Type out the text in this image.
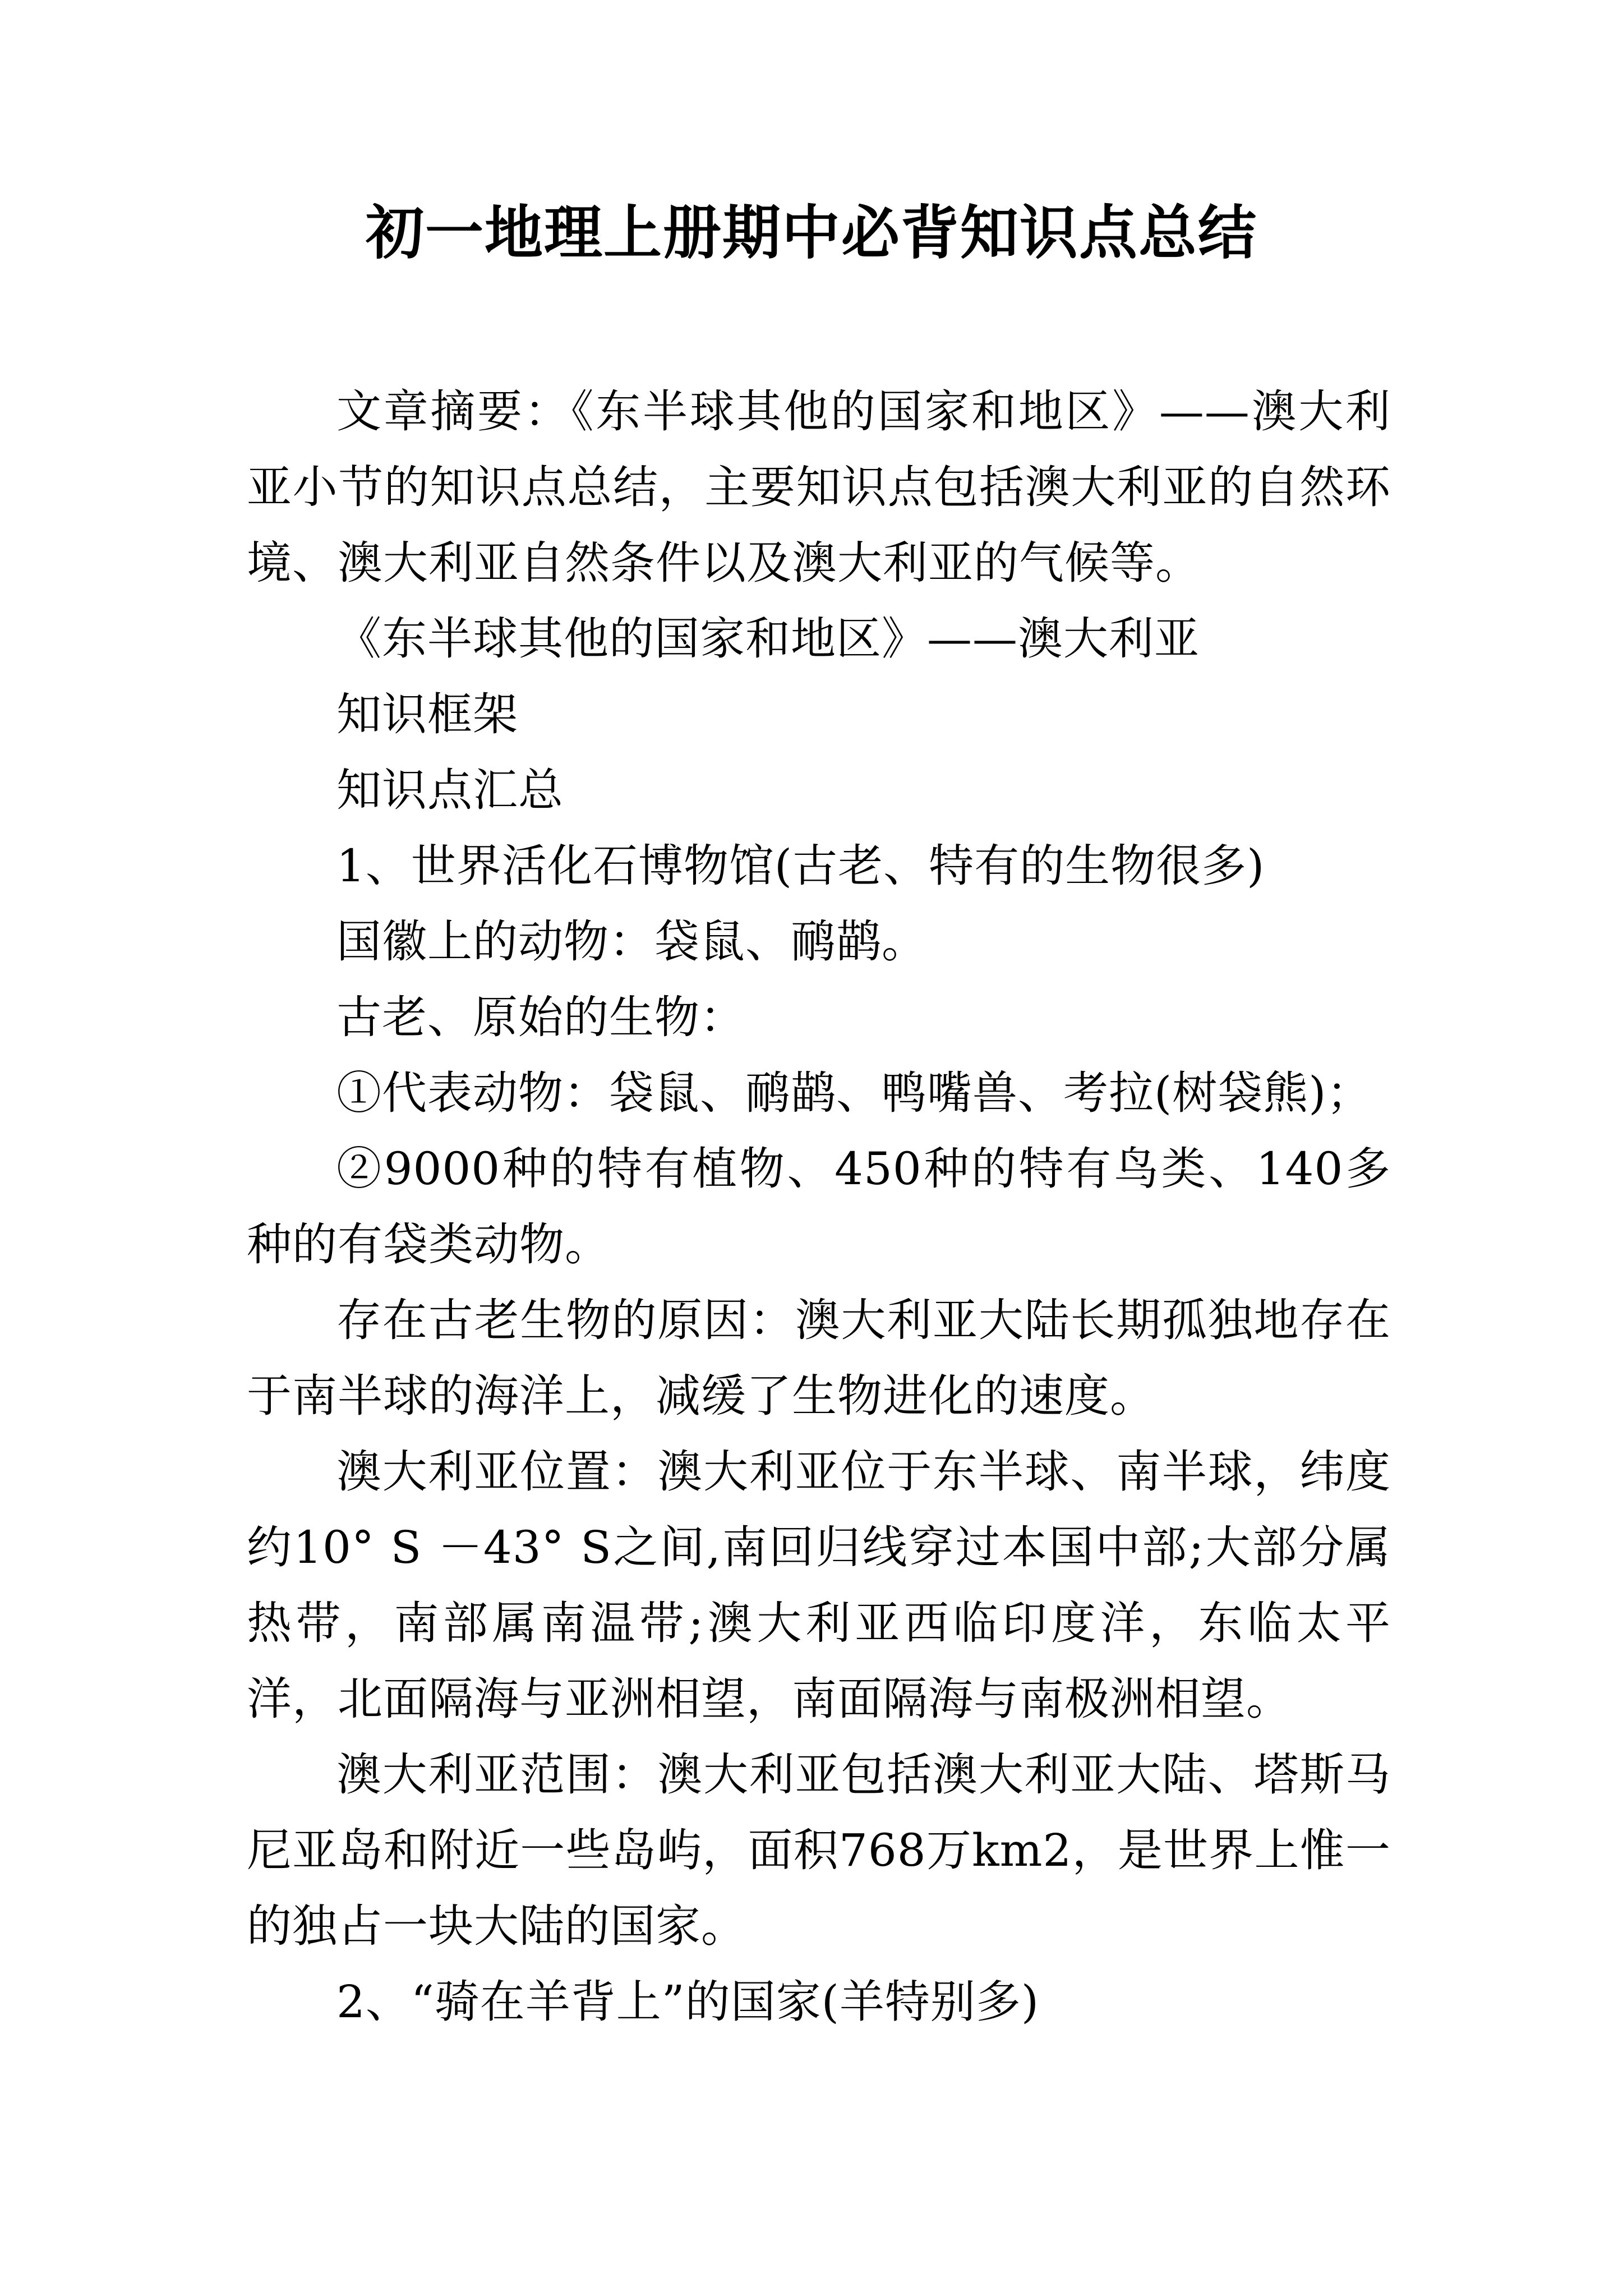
初一地理上册期中必背知识点总结

文章摘要：《东半球其他的国家和地区》——澳大利亚小节的知识点总结，主要知识点包括澳大利亚的自然环境、澳大利亚自然条件以及澳大利亚的气候等。

《东半球其他的国家和地区》——澳大利亚

知识框架

知识点汇总

1、世界活化石博物馆(古老、特有的生物很多)

国徽上的动物：袋鼠、鸸鹋。

古老、原始的生物：

①代表动物：袋鼠、鸸鹋、鸭嘴兽、考拉(树袋熊)；

②9000种的特有植物、450种的特有鸟类、140多种的有袋类动物。

存在古老生物的原因：澳大利亚大陆长期孤独地存在于南半球的海洋上，减缓了生物进化的速度。

澳大利亚位置：澳大利亚位于东半球、南半球，纬度约10° S －43° S之间,南回归线穿过本国中部;大部分属热带，南部属南温带;澳大利亚西临印度洋，东临太平洋，北面隔海与亚洲相望，南面隔海与南极洲相望。

澳大利亚范围：澳大利亚包括澳大利亚大陆、塔斯马尼亚岛和附近一些岛屿，面积768万km2，是世界上惟一的独占一块大陆的国家。

2、“骑在羊背上”的国家(羊特别多)
